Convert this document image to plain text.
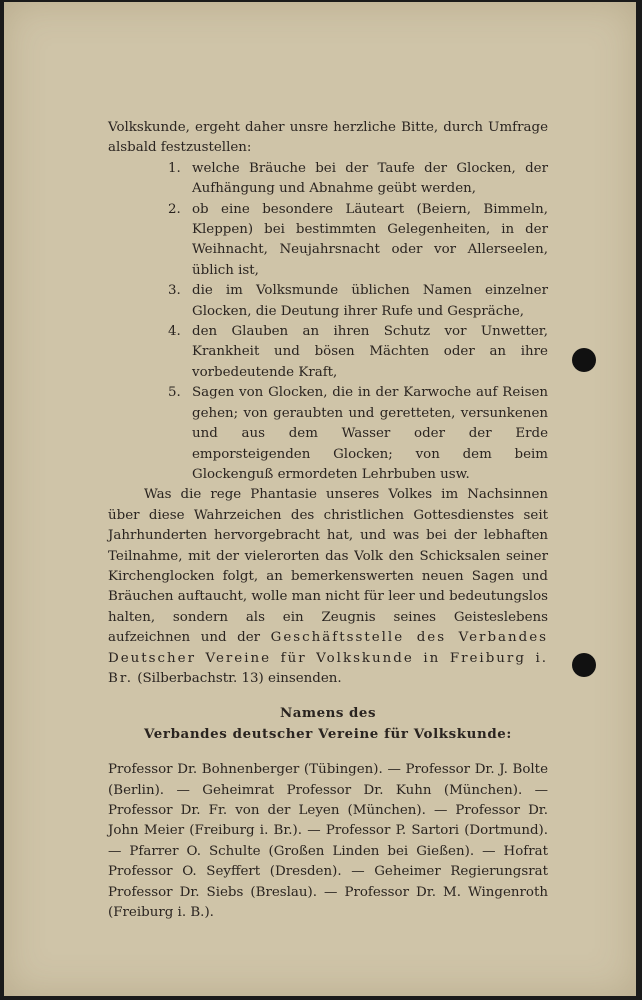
Volkskunde, ergeht daher unsre herzliche Bitte, durch Umfrage alsbald festzustellen:

1. welche Bräuche bei der Taufe der Glocken, der Aufhängung und Abnahme geübt werden,
2. ob eine besondere Läuteart (Beiern, Bimmeln, Kleppen) bei bestimmten Gelegenheiten, in der Weihnacht, Neujahrsnacht oder vor Allerseelen, üblich ist,
3. die im Volksmunde üblichen Namen einzelner Glocken, die Deutung ihrer Rufe und Gespräche,
4. den Glauben an ihren Schutz vor Unwetter, Krankheit und bösen Mächten oder an ihre vorbedeutende Kraft,
5. Sagen von Glocken, die in der Karwoche auf Reisen gehen; von geraubten und geretteten, versunkenen und aus dem Wasser oder der Erde emporsteigenden Glocken; von dem beim Glockenguß ermordeten Lehrbuben usw.

Was die rege Phantasie unseres Volkes im Nachsinnen über diese Wahrzeichen des christlichen Gottesdienstes seit Jahrhunderten hervorgebracht hat, und was bei der lebhaften Teilnahme, mit der vielerorten das Volk den Schicksalen seiner Kirchenglocken folgt, an bemerkenswerten neuen Sagen und Bräuchen auftaucht, wolle man nicht für leer und bedeutungslos halten, sondern als ein Zeugnis seines Geisteslebens aufzeichnen und der Geschäftsstelle des Verbandes Deutscher Vereine für Volkskunde in Freiburg i. Br. (Silberbachstr. 13) einsenden.

Namens des

Verbandes deutscher Vereine für Volkskunde:

Professor Dr. Bohnenberger (Tübingen). — Professor Dr. J. Bolte (Berlin). — Geheimrat Professor Dr. Kuhn (München). — Professor Dr. Fr. von der Leyen (München). — Professor Dr. John Meier (Freiburg i. Br.). — Professor P. Sartori (Dortmund). — Pfarrer O. Schulte (Großen Linden bei Gießen). — Hofrat Professor O. Seyffert (Dresden). — Geheimer Regierungsrat Professor Dr. Siebs (Breslau). — Professor Dr. M. Wingenroth (Freiburg i. B.).
